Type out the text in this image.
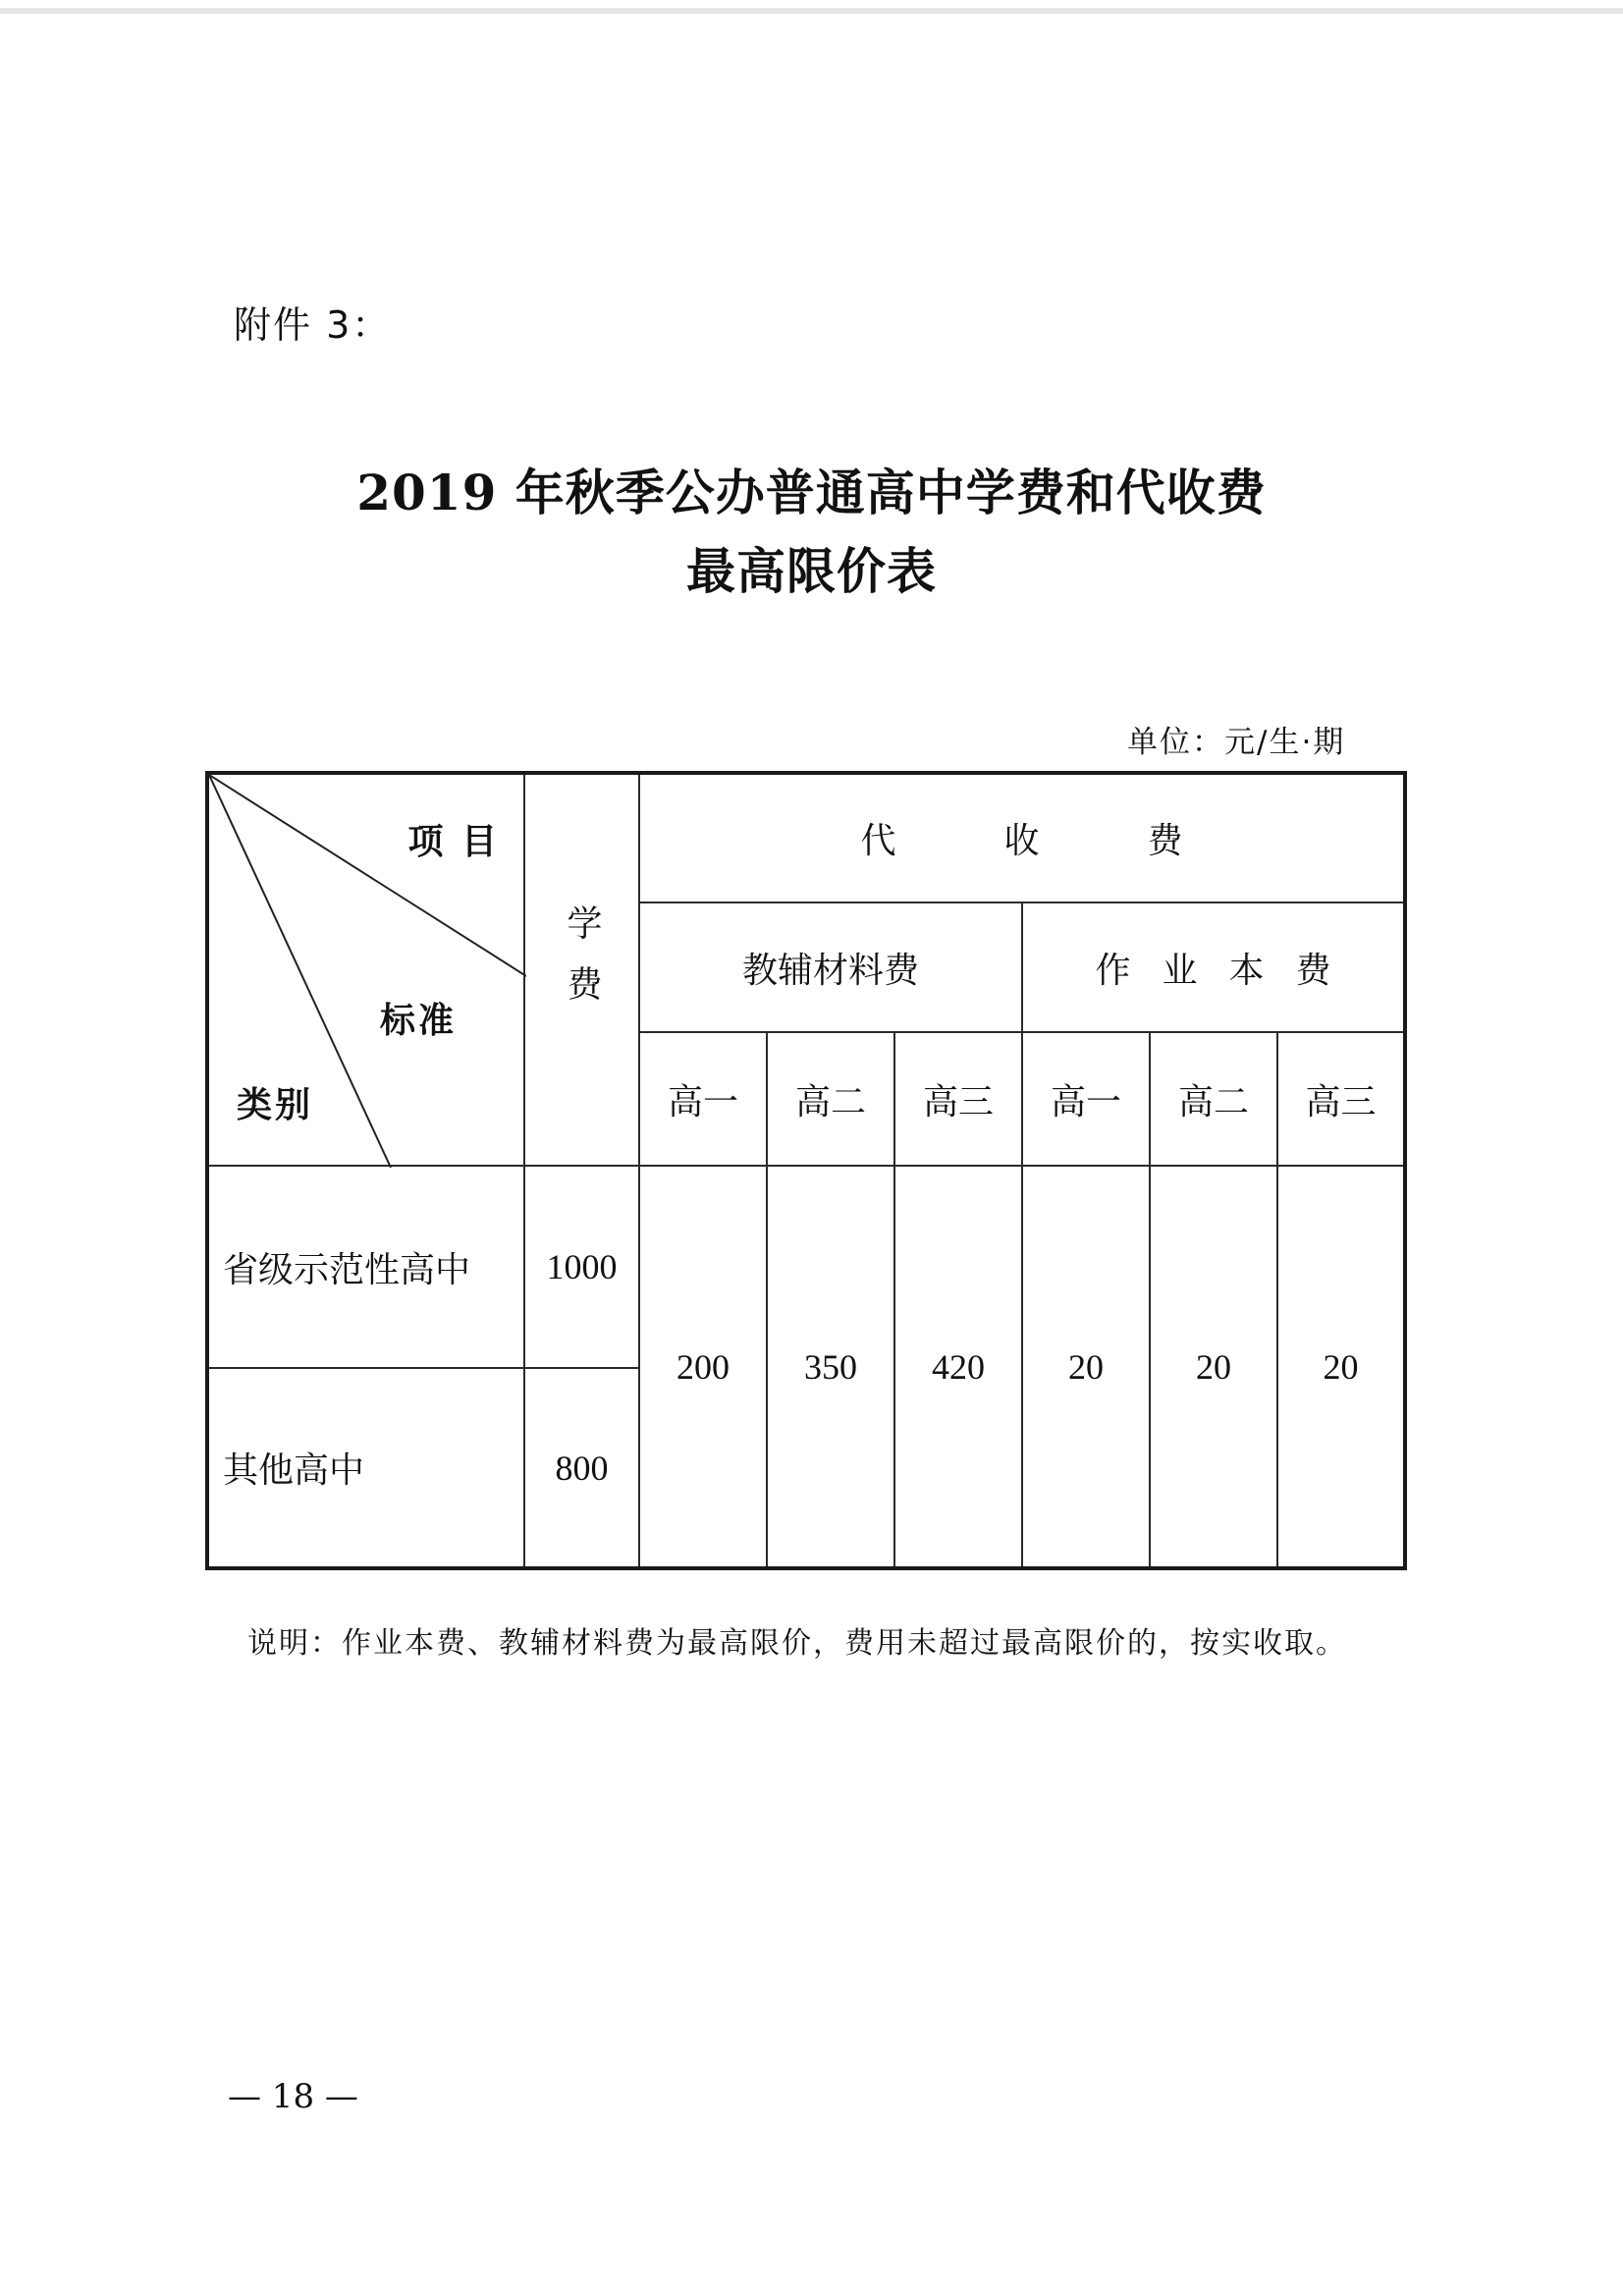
附件 3：
2019 年秋季公办普通高中学费和代收费
最高限价表
单位：元/生·期
项 目
标准
类别	学费	代收费					
		教辅材料费			作业本费		
		高一	高二	高三	高一	高二	高三
省级示范性高中	1000	200	350	420	20	20	20
其他高中	800						
说明：作业本费、教辅材料费为最高限价，费用未超过最高限价的，按实收取。
— 18 —
